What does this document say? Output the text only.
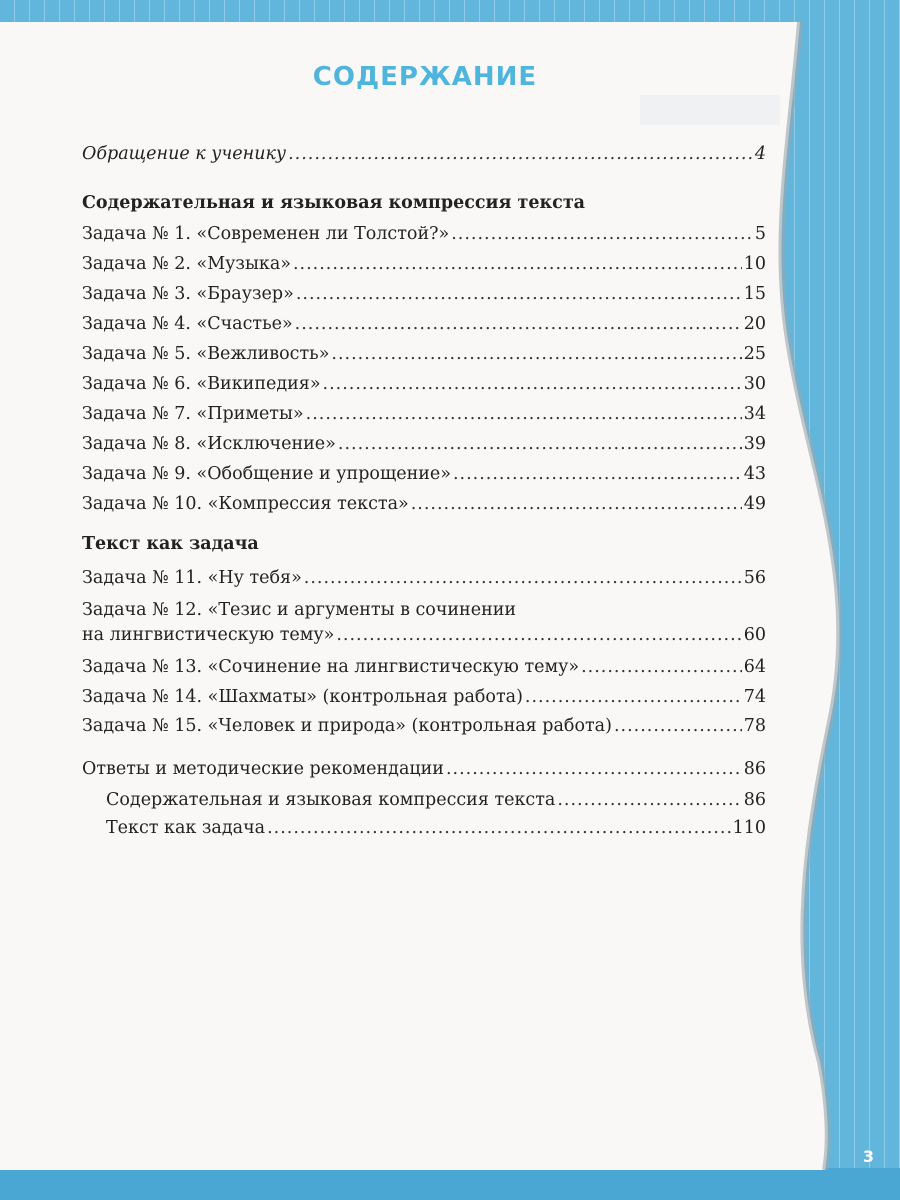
СОДЕРЖАНИЕ
Обращение к ученику .....	4
Содержательная и языковая компрессия текста
Задача № 1. «Современен ли Толстой?» .....	5
Задача № 2. «Музыка» .....	10
Задача № 3. «Браузер» .....	15
Задача № 4. «Счастье» .....	20
Задача № 5. «Вежливость» .....	25
Задача № 6. «Википедия» .....	30
Задача № 7. «Приметы» .....	34
Задача № 8. «Исключение» .....	39
Задача № 9. «Обобщение и упрощение» .....	43
Задача № 10. «Компрессия текста» .....	49
Текст как задача
Задача № 11. «Ну тебя» .....	56
Задача № 12. «Тезис и аргументы в сочинении
на лингвистическую тему» .....	60
Задача № 13. «Сочинение на лингвистическую тему» .....	64
Задача № 14. «Шахматы» (контрольная работа) .....	74
Задача № 15. «Человек и природа» (контрольная работа) .....	78
Ответы и методические рекомендации .....	86
Содержательная и языковая компрессия текста .....	86
Текст как задача .....	110
3
